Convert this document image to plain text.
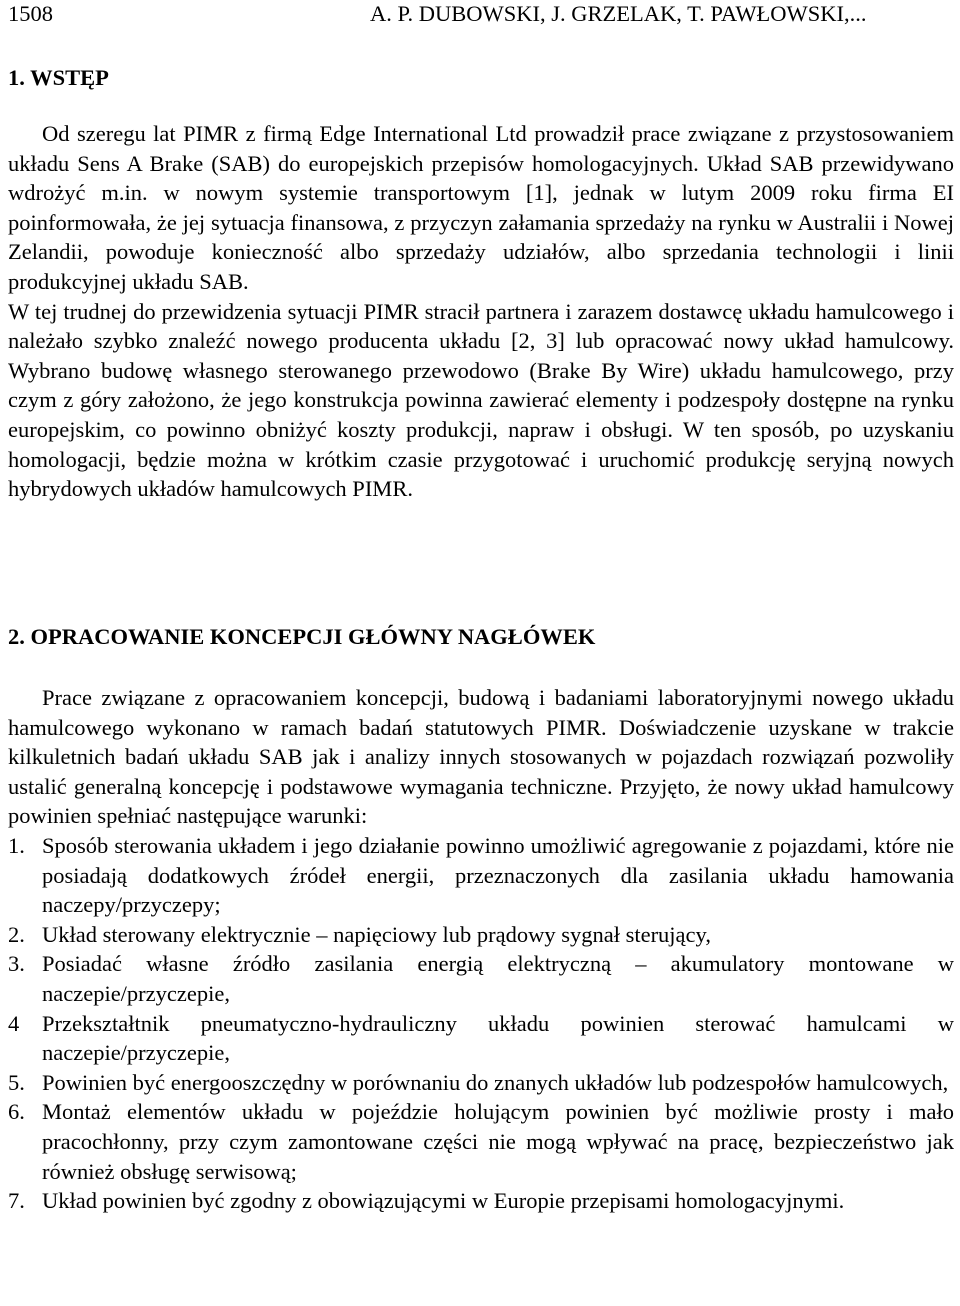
1508	A. P. DUBOWSKI, J. GRZELAK, T. PAWŁOWSKI,...
1. WSTĘP

Od szeregu lat PIMR z firmą Edge International Ltd prowadził prace związane z przystosowaniem układu Sens A Brake (SAB) do europejskich przepisów homologacyjnych. Układ SAB przewidywano wdrożyć m.in. w nowym systemie transportowym [1], jednak w lutym 2009 roku firma EI poinformowała, że jej sytuacja finansowa, z przyczyn załamania sprzedaży na rynku w Australii i Nowej Zelandii, powoduje konieczność albo sprzedaży udziałów, albo sprzedania technologii i linii produkcyjnej układu SAB.

W tej trudnej do przewidzenia sytuacji PIMR stracił partnera i zarazem dostawcę układu hamulcowego i należało szybko znaleźć nowego producenta układu [2, 3] lub opracować nowy układ hamulcowy. Wybrano budowę własnego sterowanego przewodowo (Brake By Wire) układu hamulcowego, przy czym z góry założono, że jego konstrukcja powinna zawierać elementy i podzespoły dostępne na rynku europejskim, co powinno obniżyć koszty produkcji, napraw i obsługi. W ten sposób, po uzyskaniu homologacji, będzie można w krótkim czasie przygotować i uruchomić produkcję seryjną nowych hybrydowych układów hamulcowych PIMR.

2. OPRACOWANIE KONCEPCJI GŁÓWNY NAGŁÓWEK

Prace związane z opracowaniem koncepcji, budową i badaniami laboratoryjnymi nowego układu hamulcowego wykonano w ramach badań statutowych PIMR. Doświadczenie uzyskane w trakcie kilkuletnich badań układu SAB jak i analizy innych stosowanych w pojazdach rozwiązań pozwoliły ustalić generalną koncepcję i podstawowe wymagania techniczne. Przyjęto, że nowy układ hamulcowy powinien spełniać następujące warunki:

1. Sposób sterowania układem i jego działanie powinno umożliwić agregowanie z pojazdami, które nie posiadają dodatkowych źródeł energii, przeznaczonych dla zasilania układu hamowania naczepy/przyczepy;
2. Układ sterowany elektrycznie – napięciowy lub prądowy sygnał sterujący,
3. Posiadać własne źródło zasilania energią elektryczną – akumulatory montowane w naczepie/przyczepie,
4 Przekształtnik pneumatyczno-hydrauliczny układu powinien sterować hamulcami w naczepie/przyczepie,
5. Powinien być energooszczędny w porównaniu do znanych układów lub podzespołów hamulcowych,
6. Montaż elementów układu w pojeździe holującym powinien być możliwie prosty i mało pracochłonny, przy czym zamontowane części nie mogą wpływać na pracę, bezpieczeństwo jak również obsługę serwisową;
7. Układ powinien być zgodny z obowiązującymi w Europie przepisami homologacyjnymi.
